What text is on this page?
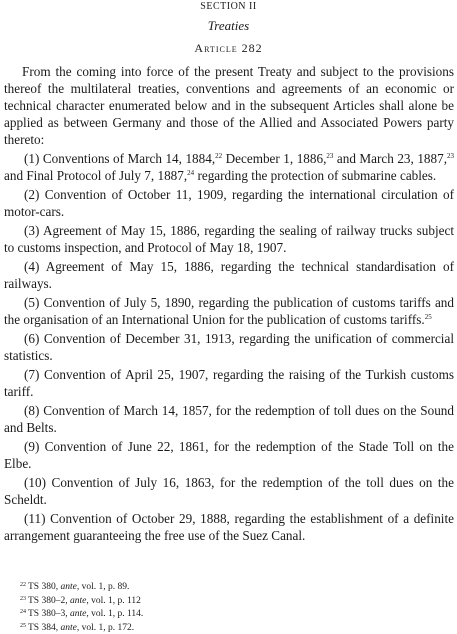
SECTION II
Treaties
Article 282

From the coming into force of the present Treaty and subject to the provisions thereof the multilateral treaties, conventions and agreements of an economic or technical character enumerated below and in the subsequent Articles shall alone be applied as between Germany and those of the Allied and Associated Powers party thereto:

(1) Conventions of March 14, 1884,22 December 1, 1886,23 and March 23, 1887,23 and Final Protocol of July 7, 1887,24 regarding the protection of submarine cables.

(2) Convention of October 11, 1909, regarding the international circulation of motor-cars.

(3) Agreement of May 15, 1886, regarding the sealing of railway trucks subject to customs inspection, and Protocol of May 18, 1907.

(4) Agreement of May 15, 1886, regarding the technical standardisation of railways.

(5) Convention of July 5, 1890, regarding the publication of customs tariffs and the organisation of an International Union for the publication of customs tariffs.$^{25}$

(6) Convention of December 31, 1913, regarding the unification of commercial statistics.

(7) Convention of April 25, 1907, regarding the raising of the Turkish customs tariff.

(8) Convention of March 14, 1857, for the redemption of toll dues on the Sound and Belts.

(9) Convention of June 22, 1861, for the redemption of the Stade Toll on the Elbe.

(10) Convention of July 16, 1863, for the redemption of the toll dues on the Scheldt.

(11) Convention of October 29, 1888, regarding the establishment of a definite arrangement guaranteeing the free use of the Suez Canal.

$^{22}$ TS 380, ante, vol. 1, p. 89.
$^{23}$ TS 380–2, ante, vol. 1, p. 112
$^{24}$ TS 380–3, ante, vol. 1, p. 114.
$^{25}$ TS 384, ante, vol. 1, p. 172.
